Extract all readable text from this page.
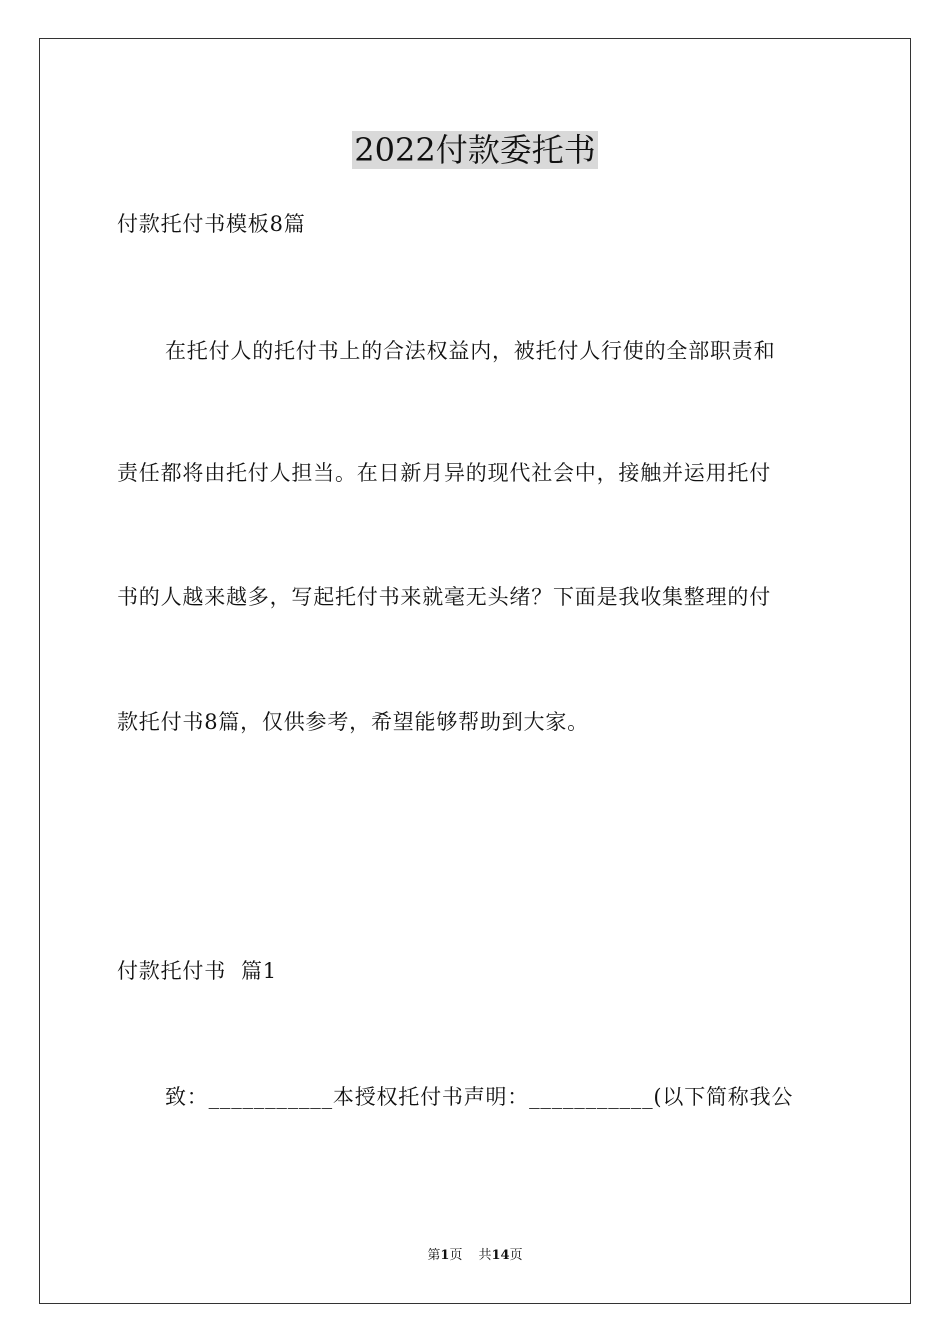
2022付款委托书

付款托付书模板8篇

在托付人的托付书上的合法权益内，被托付人行使的全部职责和

责任都将由托付人担当。在日新月异的现代社会中，接触并运用托付

书的人越来越多，写起托付书来就毫无头绪？下面是我收集整理的付

款托付书8篇，仅供参考，希望能够帮助到大家。

付款托付书  篇1

致：___________本授权托付书声明：___________(以下简称我公

第1页 共14页
